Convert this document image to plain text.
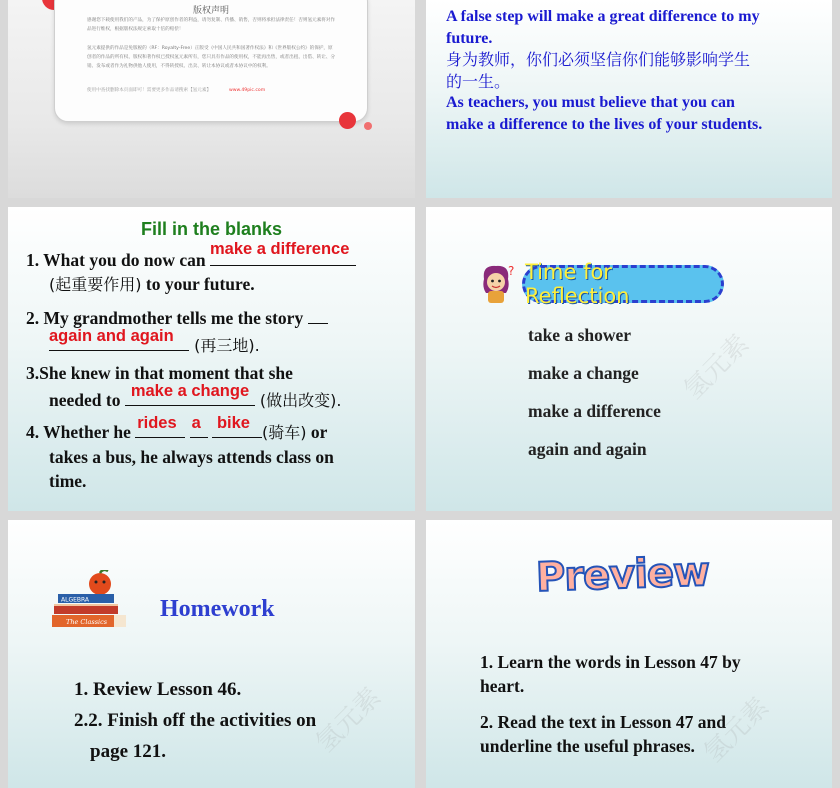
版权声明
感谢您下载使用我们的产品，为了保护原创作者的利益，请勿复制、传播、销售，否则将承担法律责任！否则氢元素将对作品进行维权，根据版权法规定索取十倍的赔偿！
氢元素提供的作品是免版税的（RF：Royalty-Free）正版受《中国人民共和国著作权法》和《世界版权公约》的保护，原创者的作品的所有权、版权和著作权已授权氢元素所有，您只具有作品的使用权，不能再出售，或者出租、出借、转让、分销、发布或者作为礼物供他人使用，不得转授权、出卖、转让本协议或者本协议中的权利。
使用中查找删除本页面即可！需要更多作品请搜索【氢元素】	www.49pic.com
A false step will make a great difference to my
future.
身为教师，你们必须坚信你们能够影响学生
的一生。
As teachers, you must believe that you can
make a difference to the lives of your students.
Fill in the blanks
1. What you do now can
make a difference

(起重要作用) to your future.
2. My grandmother tells me the story

again and again (再三地).
3.She knew in that moment that she
needed to make a change (做出改变).
4. Whether he rides
a
bike (骑车) or
takes a bus, he always attends class on
time.
? Time for Reflection
take a shower
make a change
make a difference
again and again
氢元素
ALGEBRA
The Classics Homework
1. Review Lesson 46.
2.2. Finish off the activities on
page 121.	氢元素
Preview
1. Learn the words in Lesson 47 by
heart.
2. Read the text in Lesson 47 and
underline the useful phrases. 氢元素
